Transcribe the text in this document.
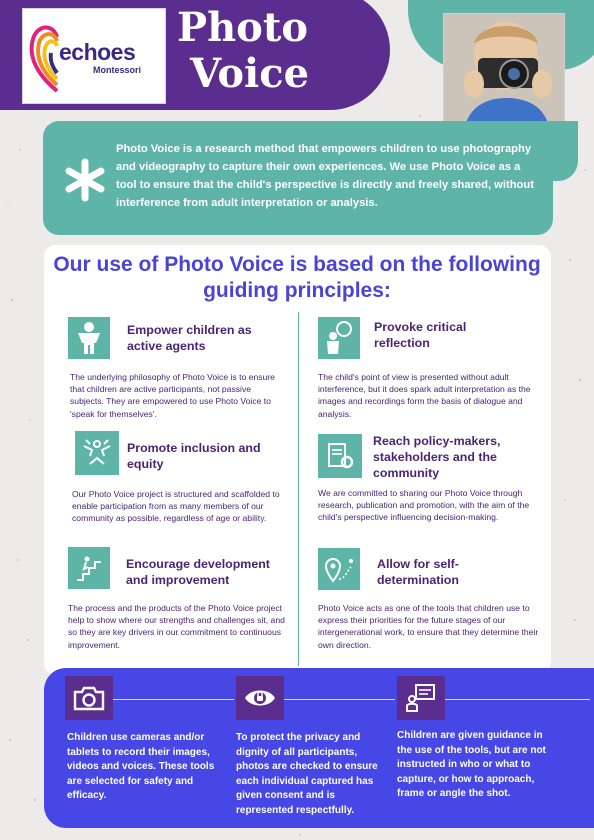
echoes
Montessori
Photo
Voice
Photo Voice is a research method that empowers children to use photography and videography to capture their own experiences. We use Photo Voice as a tool to ensure that the child's perspective is directly and freely shared, without interference from adult interpretation or analysis.
Our use of Photo Voice is based on the following guiding principles:
Empower children as active agents
The underlying philosophy of Photo Voice is to ensure that children are active participants, not passive subjects. They are empowered to use Photo Voice to 'speak for themselves'.
Provoke critical reflection
The child's point of view is presented without adult interference, but it does spark adult interpretation as the images and recordings form the basis of dialogue and analysis.
Promote inclusion and equity
Our Photo Voice project is structured and scaffolded to enable participation from as many members of our community as possible, regardless of age or ability.
Reach policy-makers, stakeholders and the community
We are committed to sharing our Photo Voice through research, publication and promotion, with the aim of the child's perspective influencing decision-making.
Encourage development and improvement
The process and the products of the Photo Voice project help to show where our strengths and challenges sit, and so they are key drivers in our commitment to continuous improvement.
Allow for self-determination
Photo Voice acts as one of the tools that children use to express their priorities for the future stages of our intergenerational work, to ensure that they determine their own direction.
Children use cameras and/or tablets to record their images, videos and voices. These tools are selected for safety and efficacy.
To protect the privacy and dignity of all participants, photos are checked to ensure each individual captured has given consent and is represented respectfully.
Children are given guidance in the use of the tools, but are not instructed in who or what to capture, or how to approach, frame or angle the shot.
